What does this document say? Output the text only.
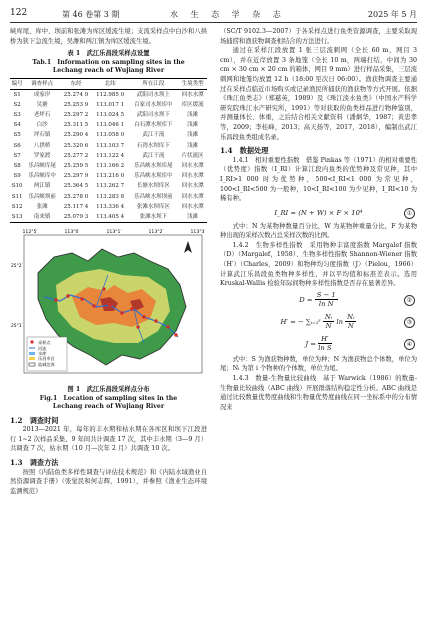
122	第 46 卷第 3 期	水 生 态 学 杂 志	2025 年 5 月

峡库尾、库中、坝前和张滩为库区缓流生境；支流采样点中白沙和八拱桥为狭下急流生境，吴潍和两江镇为库区缓流生境。

表 1　武江乐昌段采样点设置
Tab.1　Information on sampling sites in the Lechang reach of Wujiang River
编号	调查样点	东经	北纬	所在江段	生境类型
S1	成家岸	25.274 9	112.985 0	武阳司水坝上	回水水潭
S2	吴塘	25.253 9	113.017 1	百家司水坝库中	库区缓流
S3	老坪石	25.297 2	113.024 5	武阳司水坝下	浅滩
S4	白沙	25.311 5	113.046 1	白石潭水坝库下	浅滩
S5	坪石镇	25.290 4	113.058 0	武江干流	浅滩
S6	八拱桥	25.320 6	113.103 7	石湾水坝库下	浅滩
S7	罗家渡	25.277 2	113.122 4	武江干流	片状流区
S8	乐昌峡库尾	25.259 5	113.166 2	乐昌峡水坝库尾	回水水潭
S9	乐昌峡库中	25.297 9	113.216 0	乐昌峡水坝库中	回水水潭
S10	两江镇	25.364 5	113.262 7	长塘水坝库区	回水水潭
S11	乐昌峡坝前	25.278 0	113.283 8	乐昌峡水坝坝前	回水水潭
S12	张滩	25.117 4	113.336 4	张滩水坝库区	回水水潭
S13	南来镇	25.079 3	113.405 4	张滩水坝下	浅滩
112°5′	113°0′	113°1′	113°2′	113°3′
25°2′
25°1′
采样点
河流
水库
乐昌市区
流域边界
图 1　武江乐昌段采样点分布
Fig.1　Location of sampling sites in the Lechang reach of Wujiang River
1.2　调查时间

2013—2021 年，每年的丰水期和枯水期在各库区和坝下江段进行 1~2 次样品采集，9 年间共计调查 17 次，其中丰水期（3—9 月）共调查 7 次，枯水期（10 月—次年 2 月）共调查 10 次。

1.3　调查方法

按照《内陆鱼类多样性调查与评估技术规范》和《内陆水域渔业自然资源调查手册》（张觉民和何志辉，1991），并参照《渔业生态环境监测规范》

（SC/T 9102.3—2007）于各采样点进行鱼类资源调查，主要采取现场捕捞和渔获物调查相结合的方法进行。

通过在采样江段放置 1 张三层流刺网（全长 60 m，网目 3 cm），并在近岸放置 3 条地笼（全长 10 m，两端打结，中间为 30 cm × 30 cm × 20 cm 的箱体，网目 9 mm）进行样品采集，三层流刺网和地笼均放置 12 h（18:00 至次日 06:00）。渔获物调查主要通过在采样点临近市场购买或记录渔民所捕获的渔获物等方式开展。依据《珠江鱼类志》（郑慈英，1989）及《珠江淡水鱼类》（中国水产科学研究院珠江水产研究所，1991）等对获取的鱼类样品进行物种鉴别，并测量体长、体重，之后结合相关文献资料（潘炯华，1987；黄忠孝等，2009；李桂峰，2013；高天扬等，2017，2018），编制出武江乐昌段鱼类组成名录。

1.4　数据处理

1.4.1　相对重要性指数　借鉴 Pinkas 等（1971）的相对重要性（优势度）指数（I_RI）计算江段内鱼类的优势种及常见种，其中 I_RI>1 000 时为优势种，500<I_RI<1 000 为常见种，100<I_RI<500 为一般种，10<I_RI<100 为少见种，I_RI<10 为稀有种。

I_RI = (N + W) × F × 10⁴	①

式中：N 为某物种数量百分比，W 为某物种重量分比，F 为某物种出现的采样次数占总采样次数的比例。

1.4.2　生物多样性指数　采用物种丰富度指数 Margalef 指数（D）（Margalef，1958）、生物多样性指数 Shannon-Wiener 指数（H′）（Charles，2009）和物种均匀度指数（J）（Pielou，1966）计算武江乐昌段鱼类物种多样性，并以平均值和标准差表示。选用 Kruskal-Wallis 检验年际间物种多样性指数是否存在显著差异。

$D = \frac{S - 1}{\text{ln N}}$	②
H′ = − ∑ᵢ₌₁ˢ $\frac{\text{Nᵢ}}{N}$ $\ln \frac{\text{Nᵢ}}{N}$	③
$J = \frac{H'}{\text{ln S}}$	④

式中：S 为渔获物种数，单位为种；N 为渔获物总个体数，单位为尾；Nᵢ 为第 i 个物种的个体数，单位为尾。

1.4.3　数量-生物量比较曲线　基于 Warwick（1986）的数量-生物量比较曲线（ABC 曲线）开展群落结构稳定性分析。ABC 曲线是通过比较数量优势度曲线和生物量优势度曲线在同一坐标系中的分布情况来
